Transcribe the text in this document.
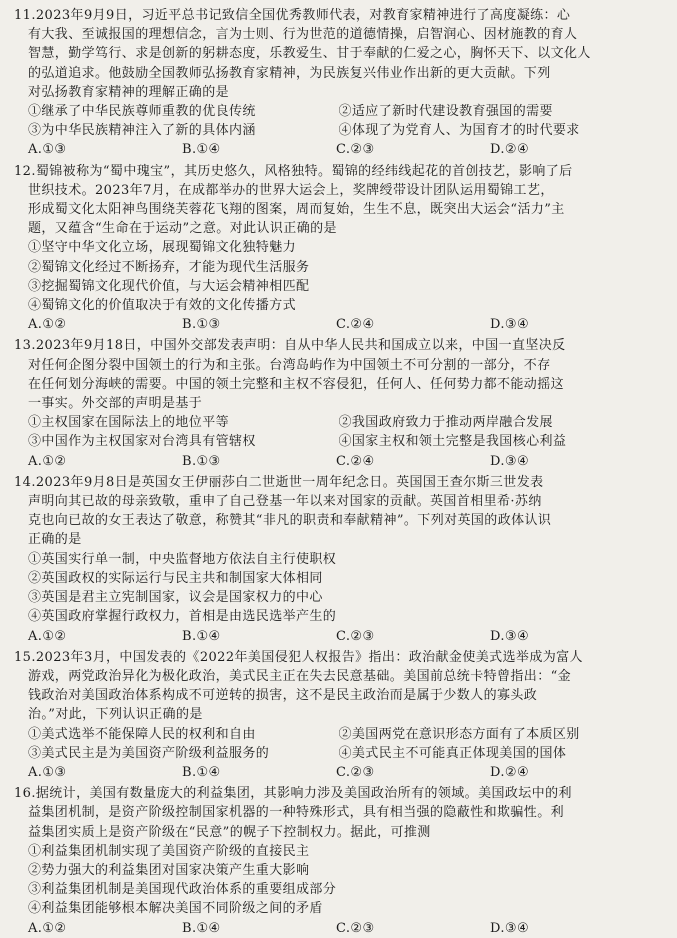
11.2023年9月9日，习近平总书记致信全国优秀教师代表，对教育家精神进行了高度凝练：心
有大我、至诚报国的理想信念，言为士则、行为世范的道德情操，启智润心、因材施教的育人
智慧，勤学笃行、求是创新的躬耕态度，乐教爱生、甘于奉献的仁爱之心，胸怀天下、以文化人
的弘道追求。他鼓励全国教师弘扬教育家精神，为民族复兴伟业作出新的更大贡献。下列
对弘扬教育家精神的理解正确的是
①继承了中华民族尊师重教的优良传统	②适应了新时代建设教育强国的需要
③为中华民族精神注入了新的具体内涵	④体现了为党育人、为国育才的时代要求
A.①③	B.①④	C.②③	D.②④
12.蜀锦被称为“蜀中瑰宝”，其历史悠久，风格独特。蜀锦的经纬线起花的首创技艺，影响了后
世织技术。2023年7月，在成都举办的世界大运会上，奖牌绶带设计团队运用蜀锦工艺，
形成蜀文化太阳神鸟围绕芙蓉花飞翔的图案，周而复始，生生不息，既突出大运会“活力”主
题，又蕴含“生命在于运动”之意。对此认识正确的是
①坚守中华文化立场，展现蜀锦文化独特魅力
②蜀锦文化经过不断扬弃，才能为现代生活服务
③挖掘蜀锦文化现代价值，与大运会精神相匹配
④蜀锦文化的价值取决于有效的文化传播方式
A.①②	B.①③	C.②④	D.③④
13.2023年9月18日，中国外交部发表声明：自从中华人民共和国成立以来，中国一直坚决反
对任何企图分裂中国领土的行为和主张。台湾岛屿作为中国领土不可分割的一部分，不存
在任何划分海峡的需要。中国的领土完整和主权不容侵犯，任何人、任何势力都不能动摇这
一事实。外交部的声明是基于
①主权国家在国际法上的地位平等	②我国政府致力于推动两岸融合发展
③中国作为主权国家对台湾具有管辖权	④国家主权和领土完整是我国核心利益
A.①②	B.①③	C.②④	D.③④
14.2023年9月8日是英国女王伊丽莎白二世逝世一周年纪念日。英国国王查尔斯三世发表
声明向其已故的母亲致敬，重申了自己登基一年以来对国家的贡献。英国首相里希·苏纳
克也向已故的女王表达了敬意，称赞其“非凡的职责和奉献精神”。下列对英国的政体认识
正确的是
①英国实行单一制，中央监督地方依法自主行使职权
②英国政权的实际运行与民主共和制国家大体相同
③英国是君主立宪制国家，议会是国家权力的中心
④英国政府掌握行政权力，首相是由选民选举产生的
A.①②	B.①④	C.②③	D.③④
15.2023年3月，中国发表的《2022年美国侵犯人权报告》指出：政治献金使美式选举成为富人
游戏，两党政治异化为极化政治，美式民主正在失去民意基础。美国前总统卡特曾指出：“金
钱政治对美国政治体系构成不可逆转的损害，这不是民主政治而是属于少数人的寡头政
治。”对此，下列认识正确的是
①美式选举不能保障人民的权利和自由	②美国两党在意识形态方面有了本质区别
③美式民主是为美国资产阶级利益服务的	④美式民主不可能真正体现美国的国体
A.①③	B.①④	C.②③	D.②④
16.据统计，美国有数量庞大的利益集团，其影响力涉及美国政治所有的领域。美国政坛中的利
益集团机制，是资产阶级控制国家机器的一种特殊形式，具有相当强的隐蔽性和欺骗性。利
益集团实质上是资产阶级在“民意”的幌子下控制权力。据此，可推测
①利益集团机制实现了美国资产阶级的直接民主
②势力强大的利益集团对国家决策产生重大影响
③利益集团机制是美国现代政治体系的重要组成部分
④利益集团能够根本解决美国不同阶级之间的矛盾
A.①②	B.①④	C.②③	D.③④
